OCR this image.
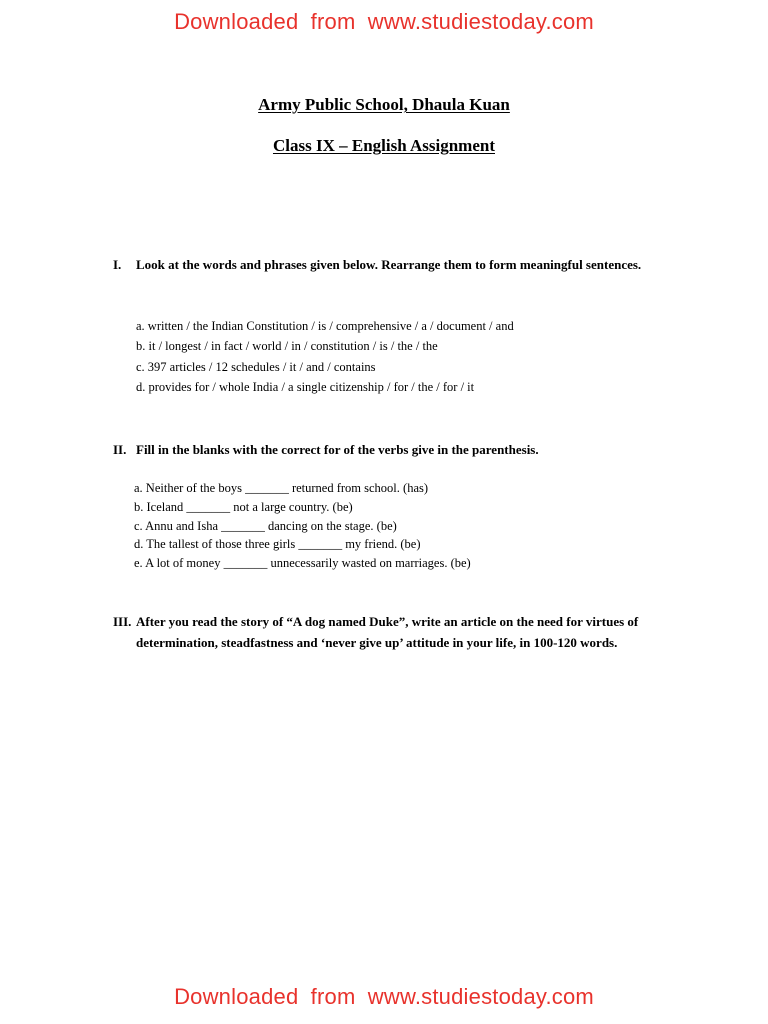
Downloaded from www.studiestoday.com
Army Public School, Dhaula Kuan
Class IX – English Assignment
I. Look at the words and phrases given below. Rearrange them to form meaningful sentences.
a. written / the Indian Constitution / is / comprehensive / a / document / and
b. it / longest / in fact / world / in / constitution / is / the / the
c. 397 articles / 12 schedules / it / and / contains
d. provides for / whole India / a single citizenship / for / the / for / it
II. Fill in the blanks with the correct for of the verbs give in the parenthesis.
a. Neither of the boys _______ returned from school. (has)
b. Iceland _______ not a large country. (be)
c. Annu and Isha _______ dancing on the stage. (be)
d. The tallest of those three girls _______ my friend. (be)
e. A lot of money _______ unnecessarily wasted on marriages. (be)
III. After you read the story of “A dog named Duke”, write an article on the need for virtues of determination, steadfastness and ‘never give up’ attitude in your life, in 100-120 words.
Downloaded from www.studiestoday.com
